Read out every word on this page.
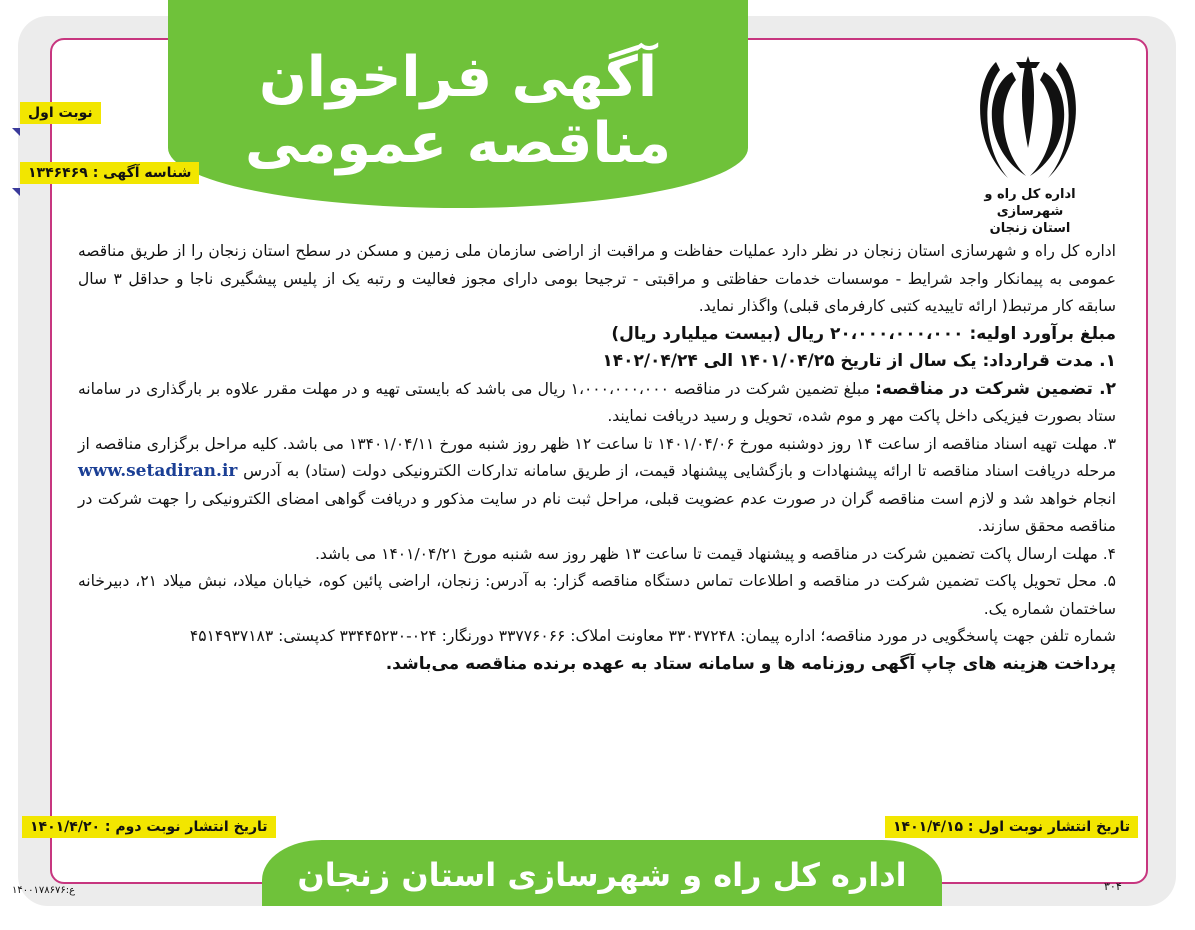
آگهی فراخوان
مناقصه عمومی
اداره کل راه و شهرسازی
استان زنجان
نوبت اول
شناسه آگهی : ۱۳۴۶۴۶۹

اداره کل راه و شهرسازی استان زنجان در نظر دارد عملیات حفاظت و مراقبت از اراضی سازمان ملی زمین و مسکن در سطح استان زنجان را از طریق مناقصه عمومی به پیمانکار واجد شرایط - موسسات خدمات حفاظتی و مراقبتی - ترجیحا بومی دارای مجوز فعالیت و رتبه یک از پلیس پیشگیری ناجا و حداقل ۳ سال سابقه کار مرتبط( ارائه تاییدیه کتبی کارفرمای قبلی) واگذار نماید.

مبلغ برآورد اولیه: ۲۰،۰۰۰،۰۰۰،۰۰۰ ریال (بیست میلیارد ریال)

۱. مدت قرارداد: یک سال از تاریخ ۱۴۰۱/۰۴/۲۵ الی ۱۴۰۲/۰۴/۲۴

۲. تضمین شرکت در مناقصه: مبلغ تضمین شرکت در مناقصه ۱،۰۰۰،۰۰۰،۰۰۰ ریال می باشد که بایستی تهیه و در مهلت مقرر علاوه بر بارگذاری در سامانه ستاد بصورت فیزیکی داخل پاکت مهر و موم شده، تحویل و رسید دریافت نمایند.

۳. مهلت تهیه اسناد مناقصه از ساعت ۱۴ روز دوشنبه مورخ ۱۴۰۱/۰۴/۰۶ تا ساعت ۱۲ ظهر روز شنبه مورخ ۱۳۴۰۱/۰۴/۱۱ می باشد. کلیه مراحل برگزاری مناقصه از مرحله دریافت اسناد مناقصه تا ارائه پیشنهادات و بازگشایی پیشنهاد قیمت، از طریق سامانه تدارکات الکترونیکی دولت (ستاد) به آدرس www.setadiran.ir انجام خواهد شد و لازم است مناقصه گران در صورت عدم عضویت قبلی، مراحل ثبت نام در سایت مذکور و دریافت گواهی امضای الکترونیکی را جهت شرکت در مناقصه محقق سازند.

۴. مهلت ارسال پاکت تضمین شرکت در مناقصه و پیشنهاد قیمت تا ساعت ۱۳ ظهر روز سه شنبه مورخ ۱۴۰۱/۰۴/۲۱ می باشد.

۵. محل تحویل پاکت تضمین شرکت در مناقصه و اطلاعات تماس دستگاه مناقصه گزار: به آدرس: زنجان، اراضی پائین کوه، خیابان میلاد، نبش میلاد ۲۱، دبیرخانه ساختمان شماره یک.

شماره تلفن جهت پاسخگویی در مورد مناقصه؛ اداره پیمان: ۳۳۰۳۷۲۴۸ معاونت املاک: ۳۳۷۷۶۰۶۶ دورنگار: ۰۲۴-۳۳۴۴۵۲۳۰ کدپستی: ۴۵۱۴۹۳۷۱۸۳

پرداخت هزینه های چاپ آگهی روزنامه ها و سامانه ستاد به عهده برنده مناقصه می‌باشد.

تاریخ انتشار نوبت دوم : ۱۴۰۱/۴/۲۰	تاریخ انتشار نوبت اول : ۱۴۰۱/۴/۱۵
اداره کل راه و شهرسازی استان زنجان	۳۰۴
ع:۱۴۰۰۱۷۸۶۷۶
